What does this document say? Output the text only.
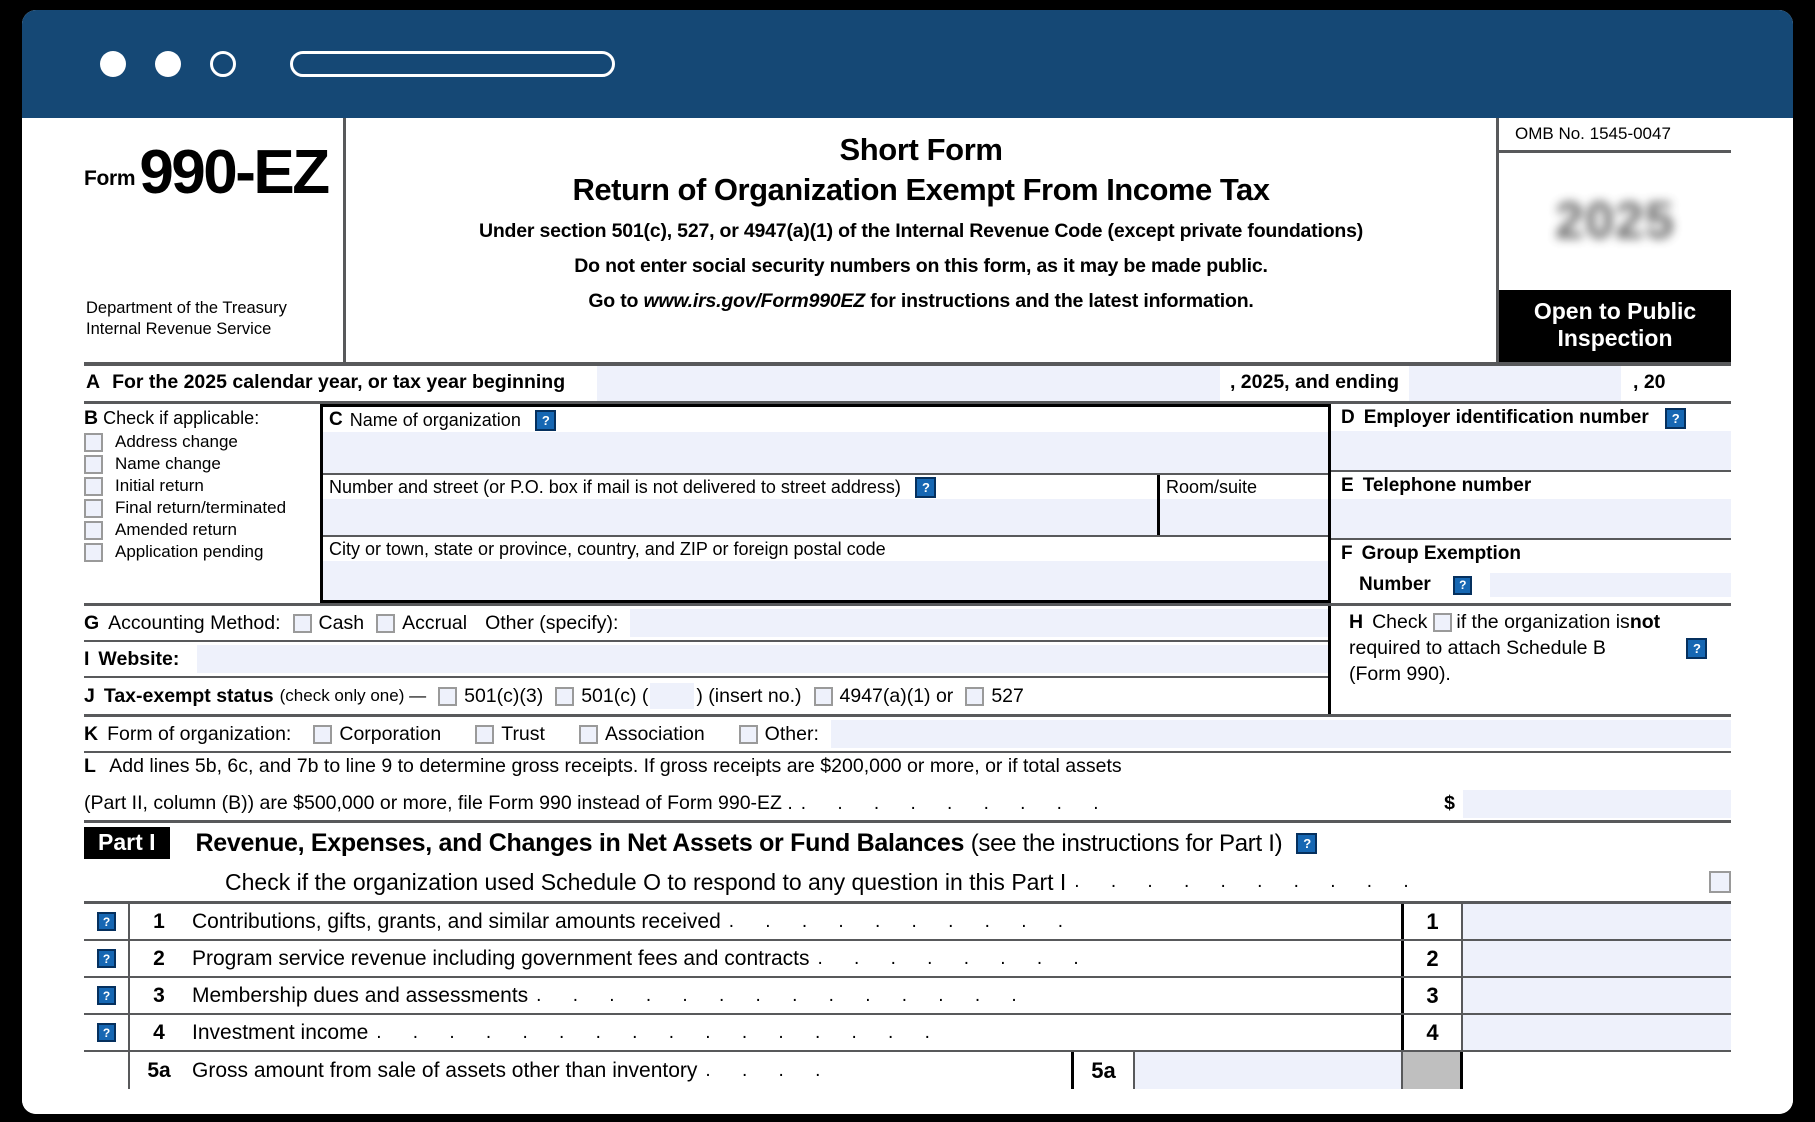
Form 990-EZ
Department of the Treasury
Internal Revenue Service
Short Form
Return of Organization Exempt From Income Tax
Under section 501(c), 527, or 4947(a)(1) of the Internal Revenue Code (except private foundations)
Do not enter social security numbers on this form, as it may be made public.
Go to www.irs.gov/Form990EZ for instructions and the latest information.
OMB No. 1545-0047
2025
Open to Public
Inspection
A For the 2025 calendar year, or tax year beginning	, 2025, and ending	, 20
B Check if applicable:
Address change
Name change
Initial return
Final return/terminated
Amended return
Application pending
C Name of organization	?
Number and street (or P.O. box if mail is not delivered to street address)	?	Room/suite
City or town, state or province, country, and ZIP or foreign postal code
D Employer identification number	?
E Telephone number
F Group Exemption
Number	?
G Accounting Method: Cash Accrual Other (specify):
I Website:
J Tax-exempt status (check only one) — 501(c)(3) 501(c) ( ) (insert no.) 4947(a)(1) or 527
H Check if the organization is not
required to attach Schedule B	?
(Form 990).
K Form of organization: Corporation	Trust	Association	Other:
L Add lines 5b, 6c, and 7b to line 9 to determine gross receipts. If gross receipts are $200,000 or more, or if total assets
(Part II, column (B)) are $500,000 or more, file Form 990 instead of Form 990-EZ . . . . . . . . . .	$
Part I	Revenue, Expenses, and Changes in Net Assets or Fund Balances (see the instructions for Part I)	?
Check if the organization used Schedule O to respond to any question in this Part I . . . . . . . . . .
?	1	Contributions, gifts, grants, and similar amounts received . . . . . . . . . .	1
?	2	Program service revenue including government fees and contracts . . . . . . . .	2
?	3	Membership dues and assessments . . . . . . . . . . . . . .	3
?	4	Investment income . . . . . . . . . . . . . . . .	4
5a	Gross amount from sale of assets other than inventory . . . .	5a
